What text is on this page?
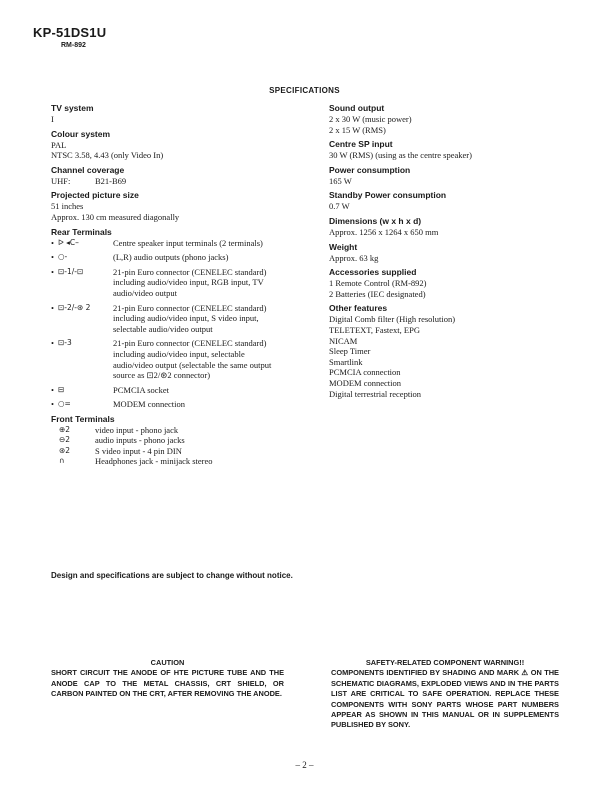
KP-51DS1U
RM-892
SPECIFICATIONS
TV system
I
Colour system
PAL
NTSC 3.58, 4.43 (only Video In)
Channel coverage
UHF:	B21-B69
Projected picture size
51 inches
Approx. 130 cm measured diagonally
Rear Terminals
• ᐅ ◂C–	Centre speaker input terminals (2 terminals)
• ○-	(L,R) audio outputs (phono jacks)
• ⊡-1/-⊡	21-pin Euro connector (CENELEC standard) including audio/video input, RGB input, TV audio/video output
• ⊡-2/-⊛ 2	21-pin Euro connector (CENELEC standard) including audio/video input, S video input, selectable audio/video output
• ⊡-3	21-pin Euro connector (CENELEC standard) including audio/video input, selectable audio/video output (selectable the same output source as ⊡2/⊛2 connector)
• ⊟	PCMCIA socket
• ○=	MODEM connection
Front Terminals
⊕2	video input - phono jack
⊖2	audio inputs - phono jacks
⊛2	S video input - 4 pin DIN
∩	Headphones jack - minijack stereo
Sound output
2 x 30 W (music power)
2 x 15 W (RMS)
Centre SP input
30 W (RMS) (using as the centre speaker)
Power consumption
165 W
Standby Power consumption
0.7 W
Dimensions (w x h x d)
Approx. 1256 x 1264 x 650 mm
Weight
Approx. 63 kg
Accessories supplied
1 Remote Control (RM-892)
2 Batteries (IEC designated)
Other features
Digital Comb filter (High resolution)
TELETEXT, Fastext, EPG
NICAM
Sleep Timer
Smartlink
PCMCIA connection
MODEM connection
Digital terrestrial reception
Design and specifications are subject to change without notice.
CAUTION
SHORT CIRCUIT THE ANODE OF HTE PICTURE TUBE AND THE ANODE CAP TO THE METAL CHASSIS, CRT SHIELD, OR CARBON PAINTED ON THE CRT, AFTER REMOVING THE ANODE.
SAFETY-RELATED COMPONENT WARNING!!
COMPONENTS IDENTIFIED BY SHADING AND MARK ⚠ ON THE SCHEMATIC DIAGRAMS, EXPLODED VIEWS AND IN THE PARTS LIST ARE CRITICAL TO SAFE OPERATION. REPLACE THESE COMPONENTS WITH SONY PARTS WHOSE PART NUMBERS APPEAR AS SHOWN IN THIS MANUAL OR IN SUPPLEMENTS PUBLISHED BY SONY.
– 2 –
